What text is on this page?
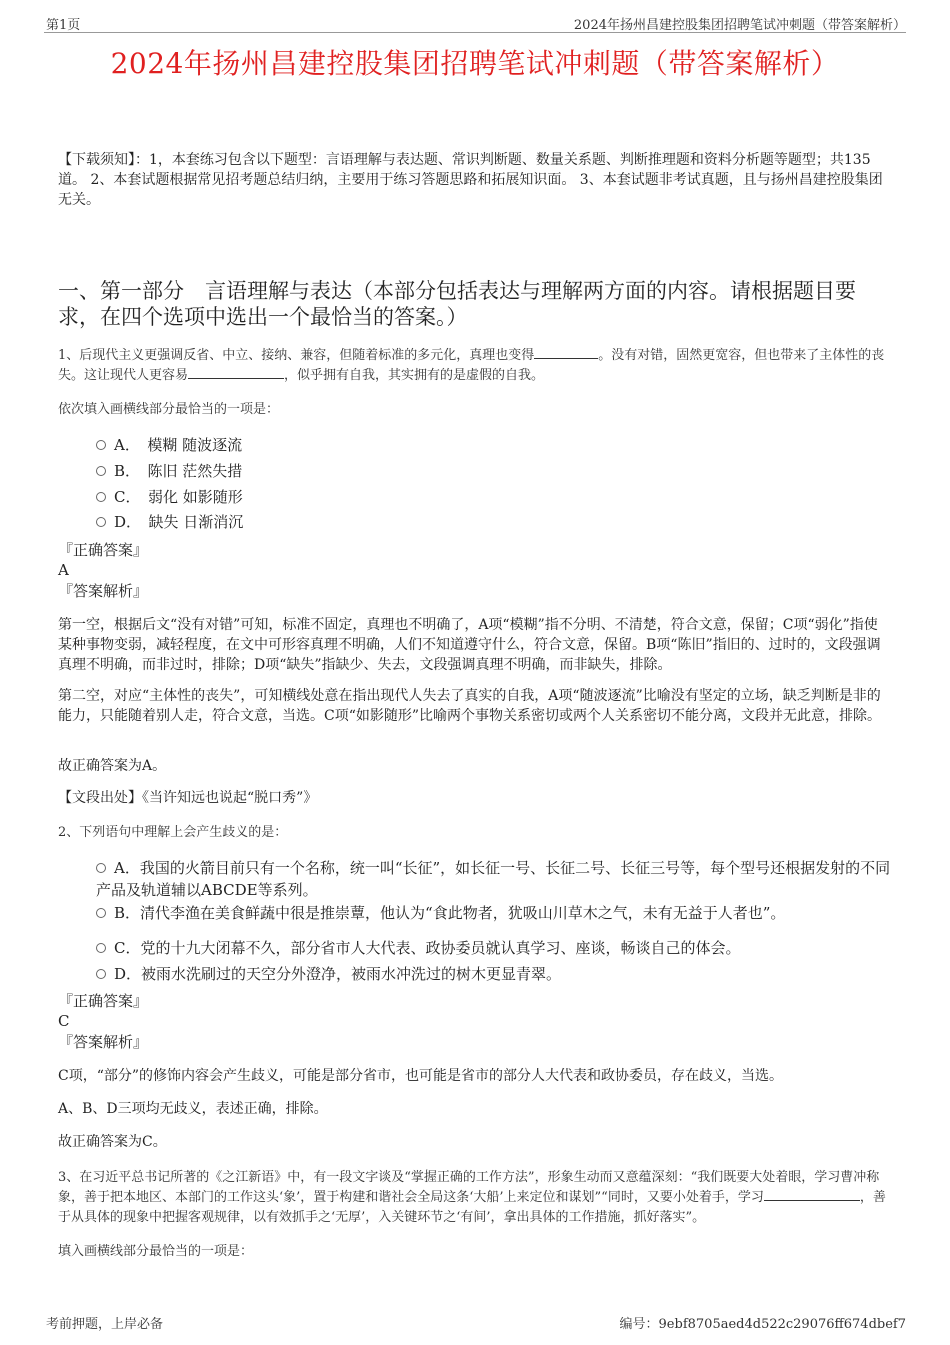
第1页	2024年扬州昌建控股集团招聘笔试冲刺题（带答案解析）
2024年扬州昌建控股集团招聘笔试冲刺题（带答案解析）
【下载须知】：1，本套练习包含以下题型：言语理解与表达题、常识判断题、数量关系题、判断推理题和资料分析题等题型；共135道。 2、本套试题根据常见招考题总结归纳，主要用于练习答题思路和拓展知识面。 3、本套试题非考试真题，且与扬州昌建控股集团无关。
一、第一部分　言语理解与表达（本部分包括表达与理解两方面的内容。请根据题目要求，在四个选项中选出一个最恰当的答案。）
1、后现代主义更强调反省、中立、接纳、兼容，但随着标准的多元化，真理也变得	。没有对错，固然更宽容，但也带来了主体性的丧失。这让现代人更容易	，似乎拥有自我，其实拥有的是虚假的自我。
依次填入画横线部分最恰当的一项是：
A．　模糊 随波逐流
B．　陈旧 茫然失措
C．　弱化 如影随形
D．　缺失 日渐消沉
『正确答案』
A
『答案解析』
第一空，根据后文“没有对错”可知，标准不固定，真理也不明确了，A项“模糊”指不分明、不清楚，符合文意，保留；C项“弱化”指使某种事物变弱，减轻程度，在文中可形容真理不明确，人们不知道遵守什么，符合文意，保留。B项“陈旧”指旧的、过时的，文段强调真理不明确，而非过时，排除；D项“缺失”指缺少、失去，文段强调真理不明确，而非缺失，排除。
第二空，对应“主体性的丧失”，可知横线处意在指出现代人失去了真实的自我，A项“随波逐流”比喻没有坚定的立场，缺乏判断是非的能力，只能随着别人走，符合文意，当选。C项“如影随形”比喻两个事物关系密切或两个人关系密切不能分离，文段并无此意，排除。
故正确答案为A。
【文段出处】《当许知远也说起“脱口秀”》
2、下列语句中理解上会产生歧义的是：
A．我国的火箭目前只有一个名称，统一叫“长征”，如长征一号、长征二号、长征三号等，每个型号还根据发射的不同产品及轨道辅以ABCDE等系列。
B．清代李渔在美食鲜蔬中很是推崇蕈，他认为“食此物者，犹吸山川草木之气，未有无益于人者也”。
C．党的十九大闭幕不久，部分省市人大代表、政协委员就认真学习、座谈，畅谈自己的体会。
D．被雨水洗刷过的天空分外澄净，被雨水冲洗过的树木更显青翠。
『正确答案』
C
『答案解析』
C项，“部分”的修饰内容会产生歧义，可能是部分省市，也可能是省市的部分人大代表和政协委员，存在歧义，当选。
A、B、D三项均无歧义，表述正确，排除。
故正确答案为C。
3、在习近平总书记所著的《之江新语》中，有一段文字谈及“掌握正确的工作方法”，形象生动而又意蕴深刻：“我们既要大处着眼，学习曹冲称象，善于把本地区、本部门的工作这头‘象’，置于构建和谐社会全局这条‘大船’上来定位和谋划”“同时，又要小处着手，学习	，善于从具体的现象中把握客观规律，以有效抓手之‘无厚’，入关键环节之‘有间’，拿出具体的工作措施，抓好落实”。
填入画横线部分最恰当的一项是：
考前押题，上岸必备	编号：9ebf8705aed4d522c29076ff674dbef7
